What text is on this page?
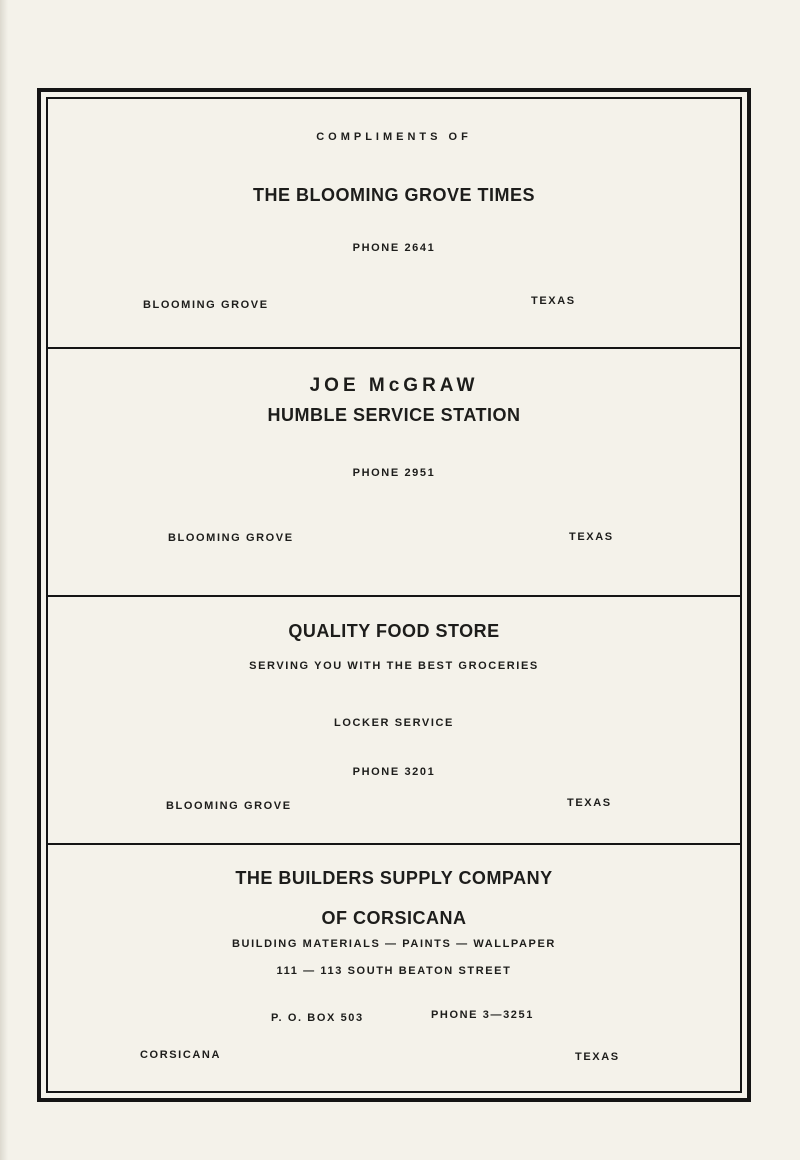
COMPLIMENTS OF
THE BLOOMING GROVE TIMES
PHONE 2641
BLOOMING GROVE	TEXAS
JOE McGRAW
HUMBLE SERVICE STATION
PHONE 2951
BLOOMING GROVE	TEXAS
QUALITY FOOD STORE
SERVING YOU WITH THE BEST GROCERIES
LOCKER SERVICE
PHONE 3201
BLOOMING GROVE	TEXAS
THE BUILDERS SUPPLY COMPANY
OF CORSICANA
BUILDING MATERIALS — PAINTS — WALLPAPER
111 — 113 SOUTH BEATON STREET
P. O. BOX 503	PHONE 3—3251
CORSICANA	TEXAS
